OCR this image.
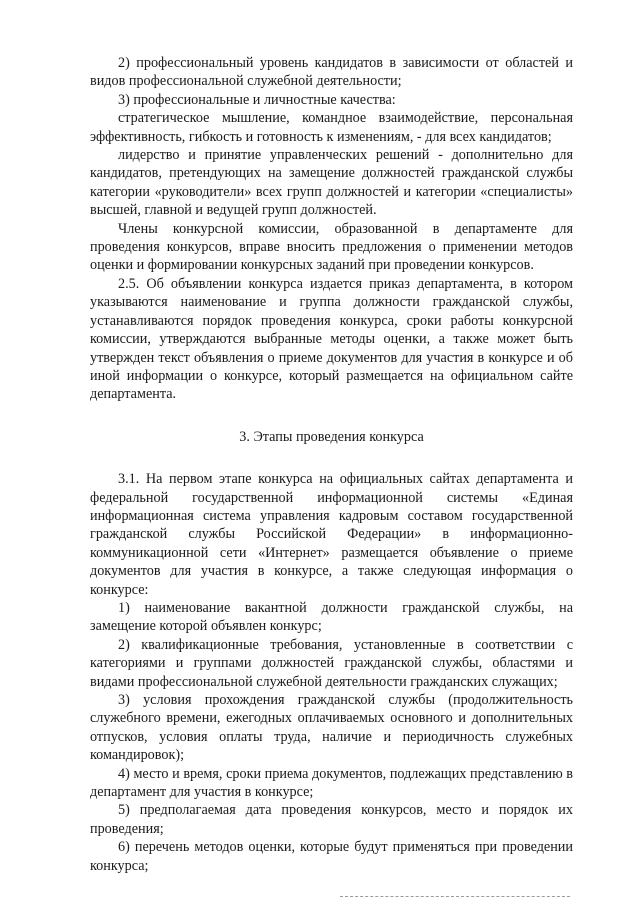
2) профессиональный уровень кандидатов в зависимости от областей и видов профессиональной служебной деятельности;

3) профессиональные и личностные качества:

стратегическое мышление, командное взаимодействие, персональная эффективность, гибкость и готовность к изменениям, - для всех кандидатов;

лидерство и принятие управленческих решений - дополнительно для кандидатов, претендующих на замещение должностей гражданской службы категории «руководители» всех групп должностей и категории «специалисты» высшей, главной и ведущей групп должностей.

Члены конкурсной комиссии, образованной в департаменте для проведения конкурсов, вправе вносить предложения о применении методов оценки и формировании конкурсных заданий при проведении конкурсов.

2.5. Об объявлении конкурса издается приказ департамента, в котором указываются наименование и группа должности гражданской службы, устанавливаются порядок проведения конкурса, сроки работы конкурсной комиссии, утверждаются выбранные методы оценки, а также может быть утвержден текст объявления о приеме документов для участия в конкурсе и об иной информации о конкурсе, который размещается на официальном сайте департамента.

3. Этапы проведения конкурса

3.1. На первом этапе конкурса на официальных сайтах департамента и федеральной государственной информационной системы «Единая информационная система управления кадровым составом государственной гражданской службы Российской Федерации» в информационно-коммуникационной сети «Интернет» размещается объявление о приеме документов для участия в конкурсе, а также следующая информация о конкурсе:

1) наименование вакантной должности гражданской службы, на замещение которой объявлен конкурс;

2) квалификационные требования, установленные в соответствии с категориями и группами должностей гражданской службы, областями и видами профессиональной служебной деятельности гражданских служащих;

3) условия прохождения гражданской службы (продолжительность служебного времени, ежегодных оплачиваемых основного и дополнительных отпусков, условия оплаты труда, наличие и периодичность служебных командировок);

4) место и время, сроки приема документов, подлежащих представлению в департамент для участия в конкурсе;

5) предполагаемая дата проведения конкурсов, место и порядок их проведения;

6) перечень методов оценки, которые будут применяться при проведении конкурса;
